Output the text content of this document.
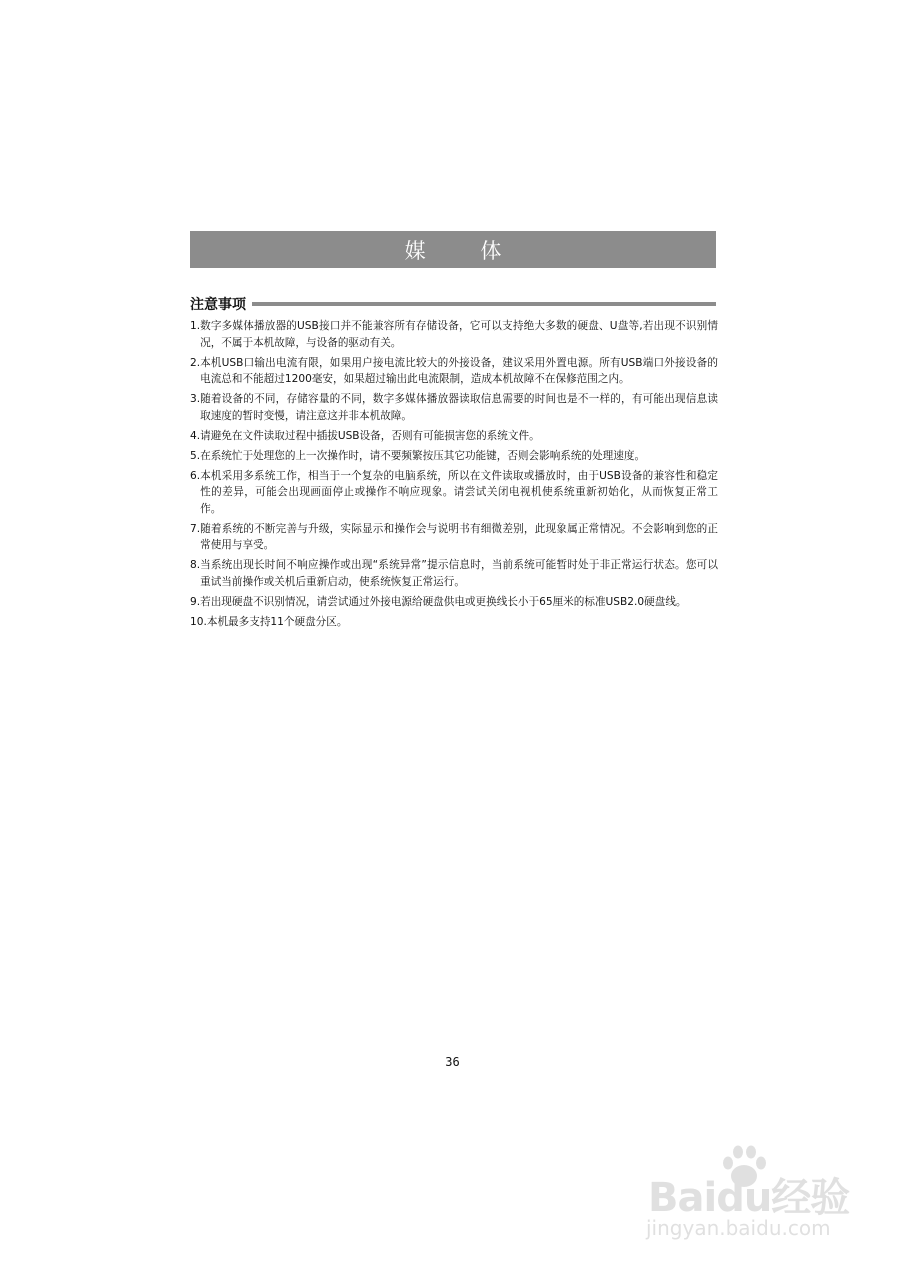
媒 体
注意事项
1. 数字多媒体播放器的USB接口并不能兼容所有存储设备，它可以支持绝大多数的硬盘、U盘等,若出现不识别情况，不属于本机故障，与设备的驱动有关。
2. 本机USB口输出电流有限，如果用户接电流比较大的外接设备，建议采用外置电源。所有USB端口外接设备的电流总和不能超过1200毫安，如果超过输出此电流限制，造成本机故障不在保修范围之内。
3. 随着设备的不同，存储容量的不同，数字多媒体播放器读取信息需要的时间也是不一样的，有可能出现信息读取速度的暂时变慢，请注意这并非本机故障。
4. 请避免在文件读取过程中插拔USB设备，否则有可能损害您的系统文件。
5. 在系统忙于处理您的上一次操作时，请不要频繁按压其它功能键，否则会影响系统的处理速度。
6. 本机采用多系统工作，相当于一个复杂的电脑系统，所以在文件读取或播放时，由于USB设备的兼容性和稳定性的差异，可能会出现画面停止或操作不响应现象。请尝试关闭电视机使系统重新初始化，从而恢复正常工作。
7. 随着系统的不断完善与升级，实际显示和操作会与说明书有细微差别，此现象属正常情况。不会影响到您的正常使用与享受。
8. 当系统出现长时间不响应操作或出现“系统异常”提示信息时，当前系统可能暂时处于非正常运行状态。您可以重试当前操作或关机后重新启动，使系统恢复正常运行。
9. 若出现硬盘不识别情况，请尝试通过外接电源给硬盘供电或更换线长小于65厘米的标准USB2.0硬盘线。
10. 本机最多支持11个硬盘分区。
36
Baidu经验
jingyan.baidu.com
